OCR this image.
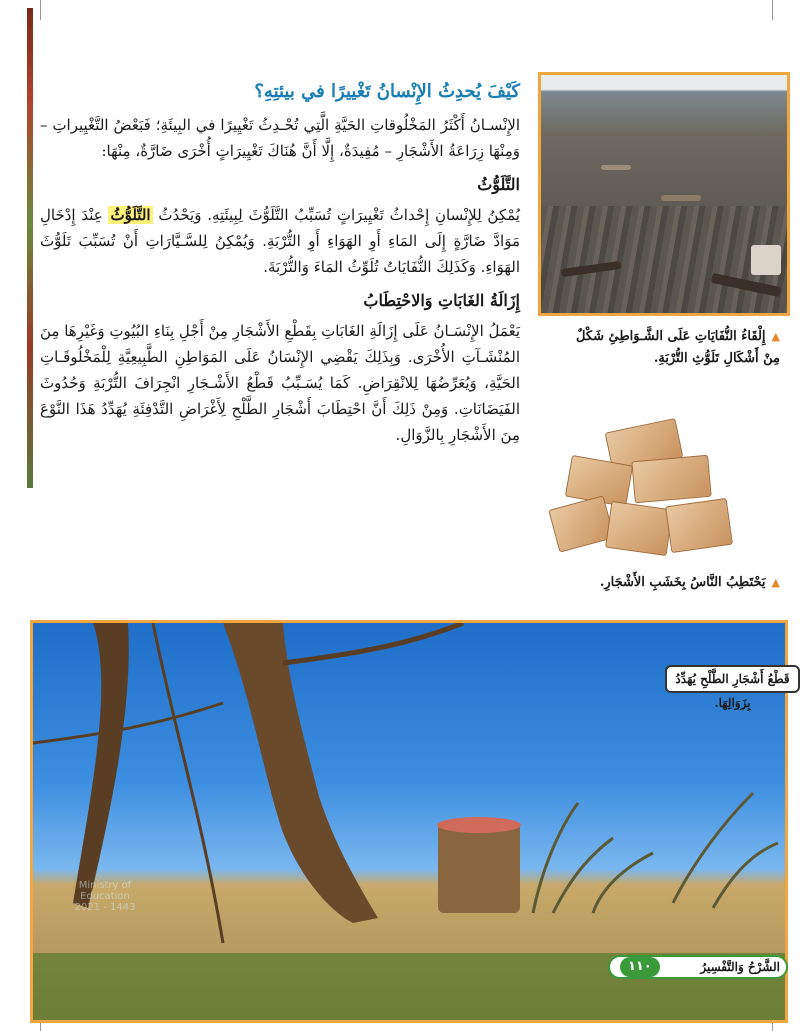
كَيْفَ يُحدِثُ الإِنْسانُ تَغْييرًا في بيئتِهِ؟

الإِنْسـانُ أَكْثَرُ المَخْلُوقاتِ الحَيَّةِ الَّتِي تُحْـدِثُ تَغْيِيرًا في البِيئَةِ؛ فَبَعْضُ التَّغْيِيراتِ – وَمِنْهَا زِرَاعَةُ الأَشْجَارِ – مُفِيدَةٌ، إِلَّا أَنَّ هُنَاكَ تَغْيِيرَاتٍ أُخْرَى ضَارَّةٌ، مِنْهَا:

التَّلَوُّثُ

يُمْكِنُ لِلإِنْسانِ إِحْداثُ تَغْيِيرَاتٍ تُسَبِّبُ التَّلَوُّثَ لِبِيئَتِهِ. وَيَحْدُثُ التَّلَوُّثُ عِنْدَ إِدْخَالِ مَوَادَّ ضَارَّةٍ إِلَى المَاءِ أَوِ الهَوَاءِ أَوِ التُّرْبَةِ. وَيُمْكِنُ لِلسَّـيَّارَاتِ أَنْ تُسَبِّبَ تَلَوُّثَ الهَوَاءِ. وَكَذَلِكَ النُّفَايَاتُ تُلَوِّثُ المَاءَ وَالتُّرْبَةَ.

إِزَالَةُ الغَابَاتِ وَالاحْتِطَابُ

يَعْمَلُ الإِنْسَـانُ عَلَى إِزَالَةِ الغَابَاتِ بِقَطْعِ الأَشْجَارِ مِنْ أَجْلِ بِنَاءِ البُيُوتِ وَغَيْرِهَا مِنَ المُنْشَـآتِ الأُخْرَى. وَبِذَلِكَ يَقْضِي الإِنْسَانُ عَلَى المَوَاطِنِ الطَّبِيعِيَّةِ لِلْمَخْلُوقَـاتِ الحَيَّةِ، وَيُعَرِّضُهَا لِلانْقِرَاضِ. كَمَا يُسَـبِّبُ قَطْعُ الأَشْـجَارِ انْجِرَافَ التُّرْبَةِ وَحُدُوثَ الفَيَضَانَاتِ. وَمِنْ ذَلِكَ أَنَّ احْتِطَابَ أَشْجَارِ الطَّلْحِ لِأَغْرَاضِ التَّدْفِئَةِ يُهَدِّدُ هَذَا النَّوْعَ مِنَ الأَشْجَارِ بِالزَّوَالِ.

▲إِلْقَاءُ النُّفَايَاتِ عَلَى الشَّـوَاطِئِ شَكْلٌ مِنْ أَشْكَالِ تَلَوُّثِ التُّرْبَةِ.
▲يَحْتَطِبُ النَّاسُ بِخَشَبِ الأَشْجَارِ.
قَطْعُ أَشْجَارِ الطَّلْحِ يُهَدِّدُ بِزَوَالِهَا.
Ministry of Education
2021 - 1443
الشَّرْحُ وَالتَّفْسِيرُ
١١٠
